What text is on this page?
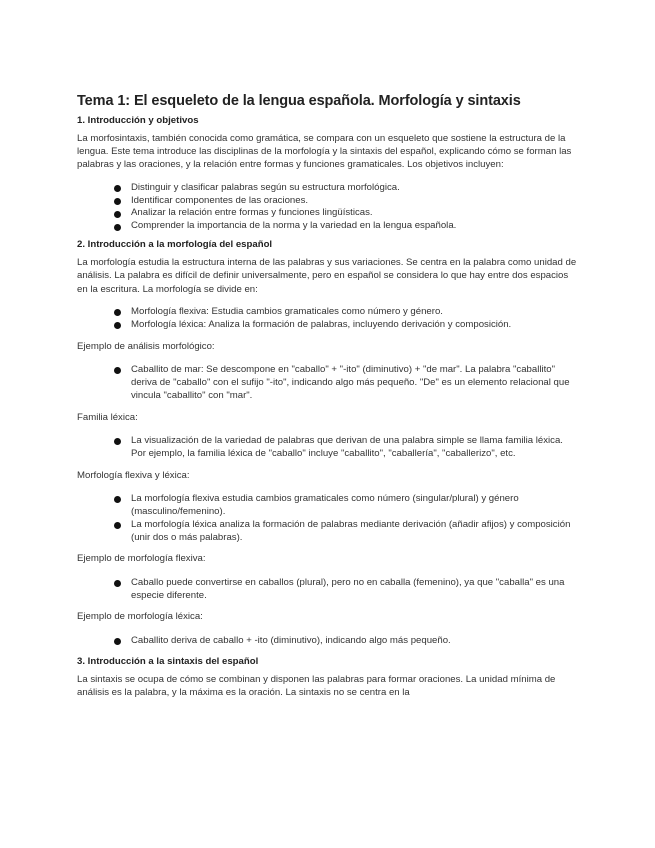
Tema 1: El esqueleto de la lengua española. Morfología y sintaxis
1. Introducción y objetivos
La morfosintaxis, también conocida como gramática, se compara con un esqueleto que sostiene la estructura de la lengua. Este tema introduce las disciplinas de la morfología y la sintaxis del español, explicando cómo se forman las palabras y las oraciones, y la relación entre formas y funciones gramaticales. Los objetivos incluyen:
Distinguir y clasificar palabras según su estructura morfológica.
Identificar componentes de las oraciones.
Analizar la relación entre formas y funciones lingüísticas.
Comprender la importancia de la norma y la variedad en la lengua española.
2. Introducción a la morfología del español
La morfología estudia la estructura interna de las palabras y sus variaciones. Se centra en la palabra como unidad de análisis. La palabra es difícil de definir universalmente, pero en español se considera lo que hay entre dos espacios en la escritura. La morfología se divide en:
Morfología flexiva: Estudia cambios gramaticales como número y género.
Morfología léxica: Analiza la formación de palabras, incluyendo derivación y composición.
Ejemplo de análisis morfológico:
Caballito de mar: Se descompone en "caballo" + "-ito" (diminutivo) + "de mar". La palabra "caballito" deriva de "caballo" con el sufijo "-ito", indicando algo más pequeño. "De" es un elemento relacional que vincula "caballito" con "mar".
Familia léxica:
La visualización de la variedad de palabras que derivan de una palabra simple se llama familia léxica. Por ejemplo, la familia léxica de "caballo" incluye "caballito", "caballería", "caballerizo", etc.
Morfología flexiva y léxica:
La morfología flexiva estudia cambios gramaticales como número (singular/plural) y género (masculino/femenino).
La morfología léxica analiza la formación de palabras mediante derivación (añadir afijos) y composición (unir dos o más palabras).
Ejemplo de morfología flexiva:
Caballo puede convertirse en caballos (plural), pero no en caballa (femenino), ya que "caballa" es una especie diferente.
Ejemplo de morfología léxica:
Caballito deriva de caballo + -ito (diminutivo), indicando algo más pequeño.
3. Introducción a la sintaxis del español
La sintaxis se ocupa de cómo se combinan y disponen las palabras para formar oraciones. La unidad mínima de análisis es la palabra, y la máxima es la oración. La sintaxis no se centra en la
